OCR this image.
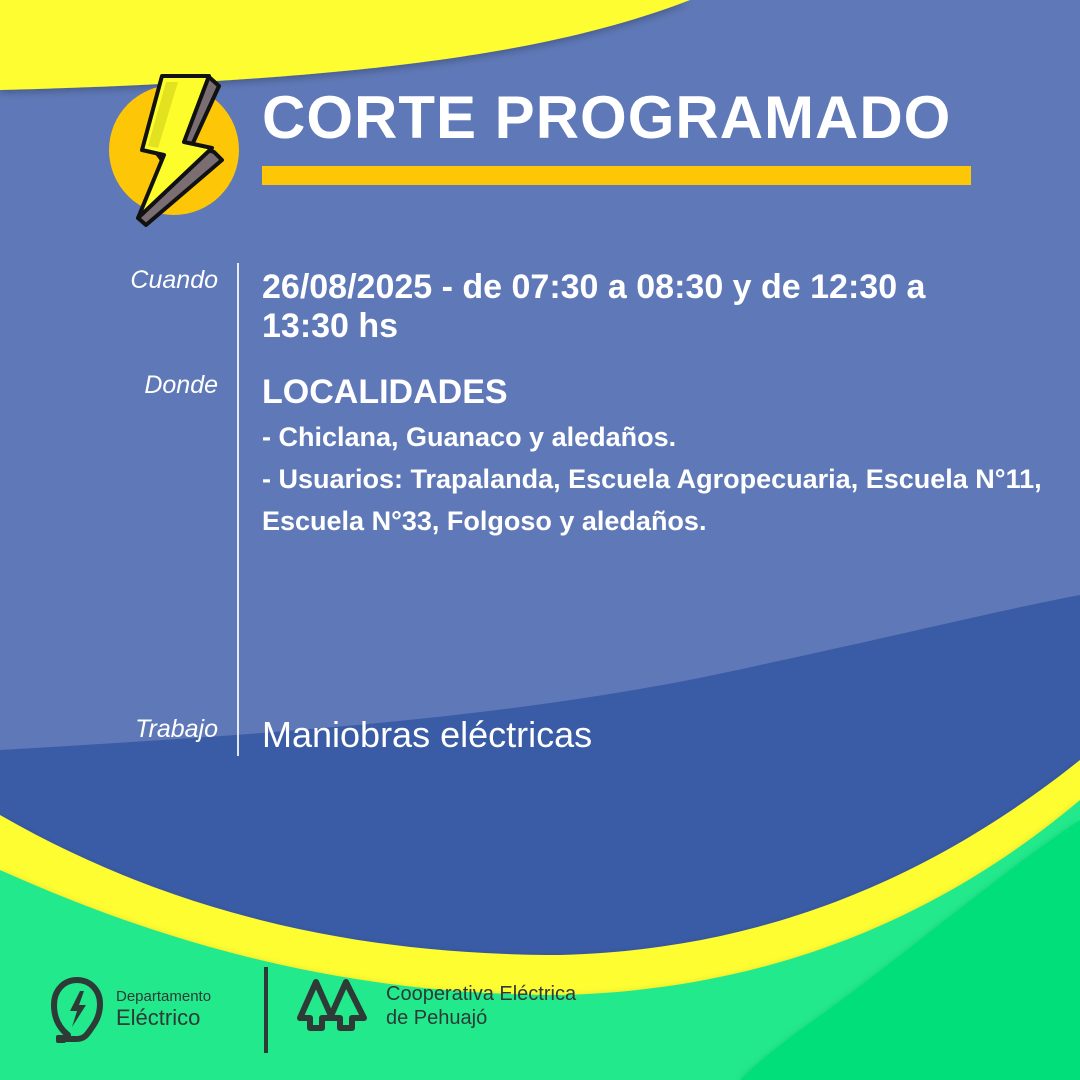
CORTE PROGRAMADO
Cuando
Donde
Trabajo
26/08/2025 - de 07:30 a 08:30 y de 12:30 a 13:30 hs
LOCALIDADES
- Chiclana, Guanaco y aledaños.
- Usuarios: Trapalanda, Escuela Agropecuaria, Escuela N°11, Escuela N°33, Folgoso y aledaños.
Maniobras eléctricas
Departamento
Eléctrico
Cooperativa Eléctrica
de Pehuajó
